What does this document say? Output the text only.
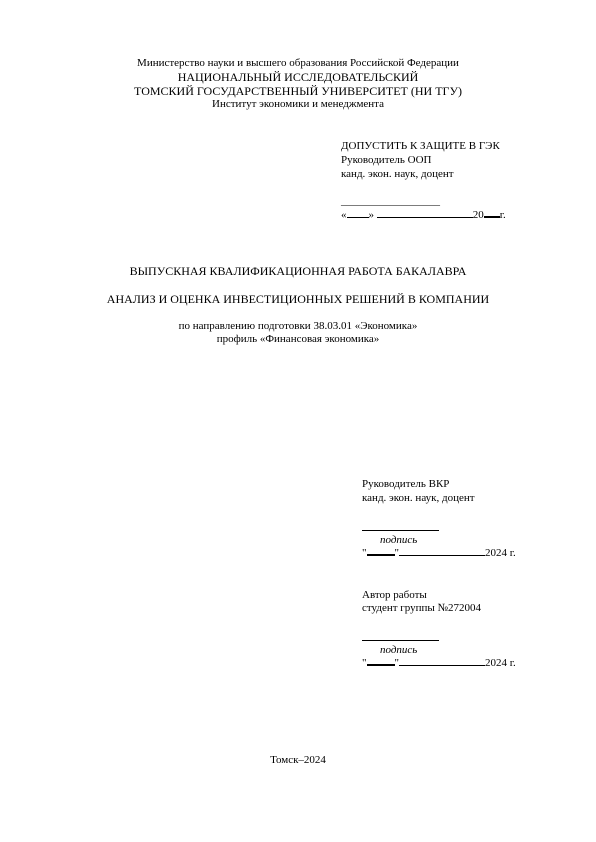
Министерство науки и высшего образования Российской Федерации
НАЦИОНАЛЬНЫЙ ИССЛЕДОВАТЕЛЬСКИЙ
ТОМСКИЙ ГОСУДАРСТВЕННЫЙ УНИВЕРСИТЕТ (НИ ТГУ)
Институт экономики и менеджмента
ДОПУСТИТЬ К ЗАЩИТЕ В ГЭК
Руководитель ООП
канд. экон. наук, доцент
__________________
« »	20 г.
ВЫПУСКНАЯ КВАЛИФИКАЦИОННАЯ РАБОТА БАКАЛАВРА
АНАЛИЗ И ОЦЕНКА ИНВЕСТИЦИОННЫХ РЕШЕНИЙ В КОМПАНИИ
по направлению подготовки 38.03.01 «Экономика»
профиль «Финансовая экономика»
Руководитель ВКР
канд. экон. наук, доцент
подпись
"	"	2024 г.
Автор работы
студент группы №272004
подпись
"	"	2024 г.
Томск–2024
